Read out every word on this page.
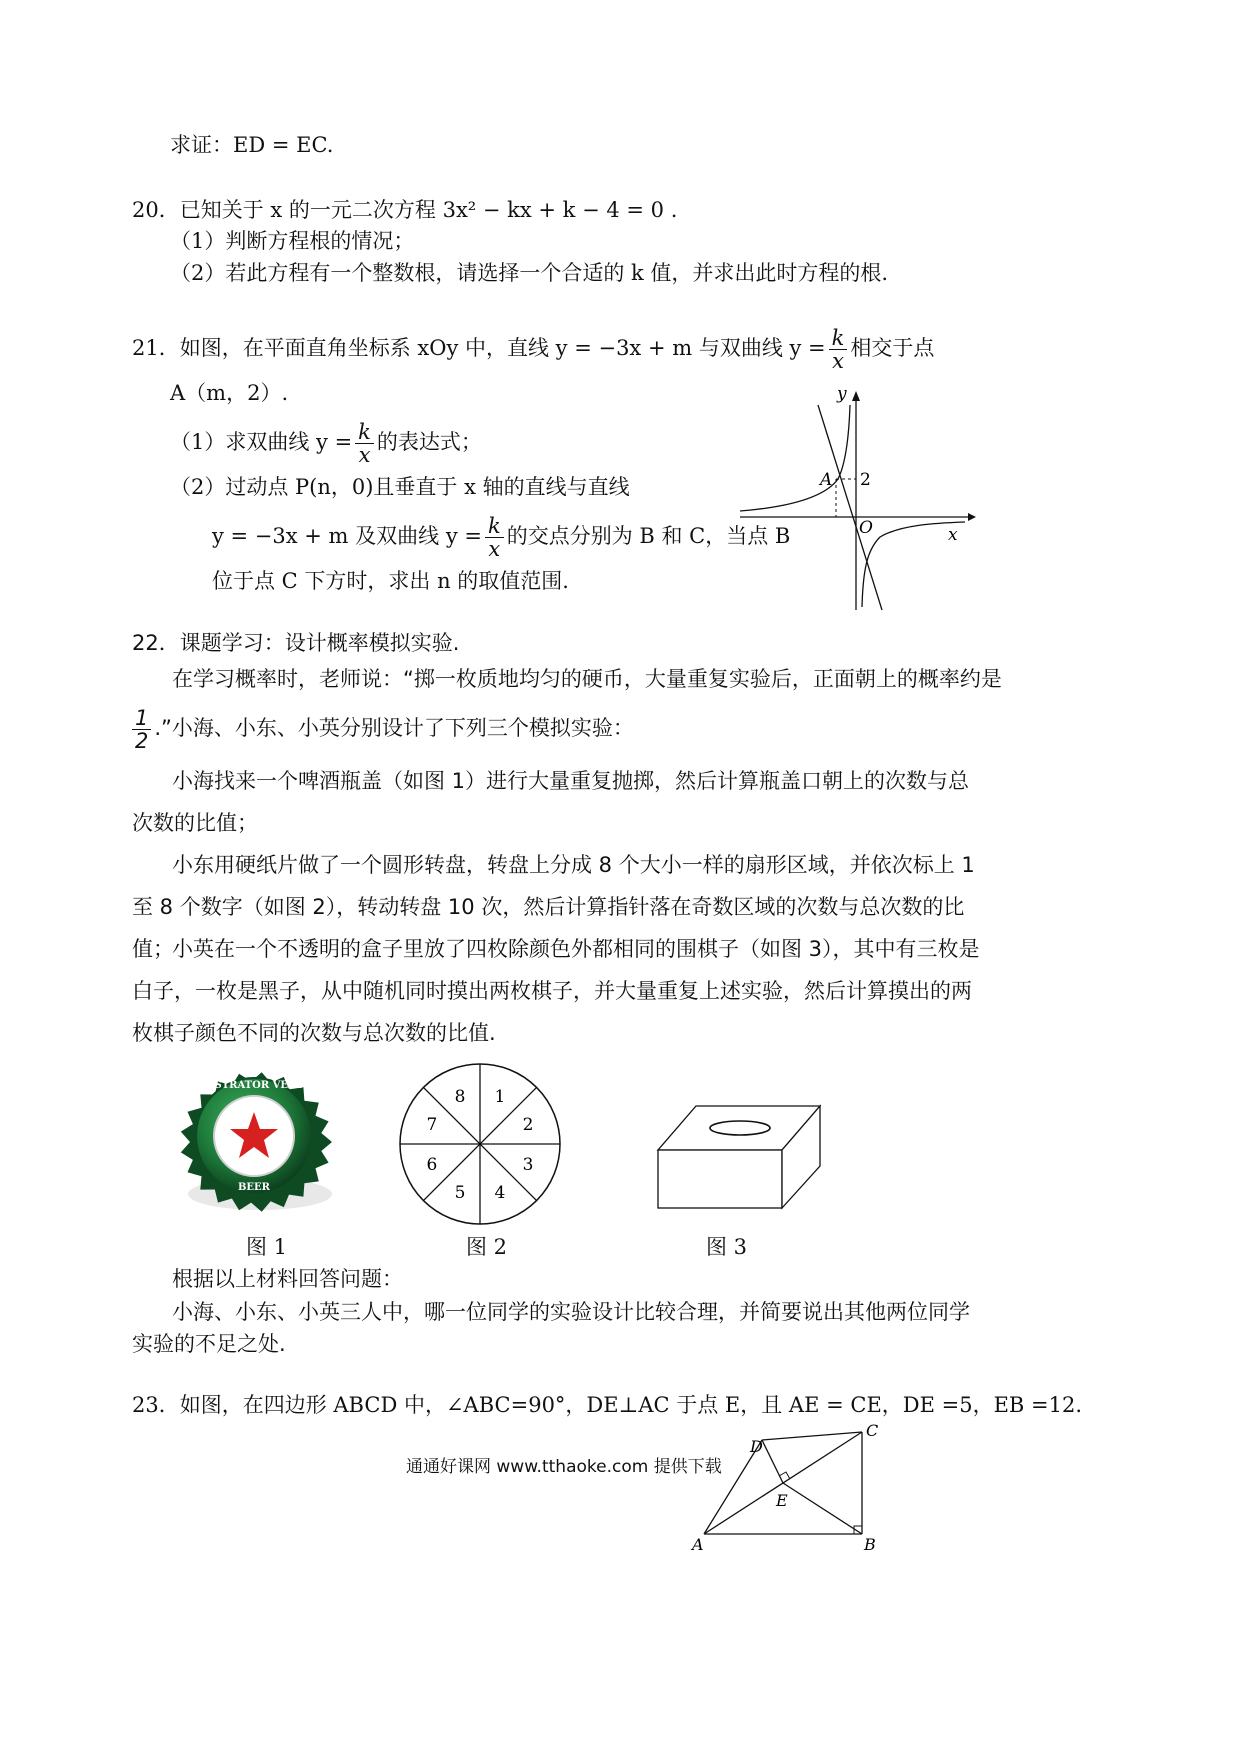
求证：ED = EC.
20．已知关于 x 的一元二次方程 3x² − kx + k − 4 = 0 .
（1）判断方程根的情况；
（2）若此方程有一个整数根，请选择一个合适的 k 值，并求出此时方程的根.
21．如图，在平面直角坐标系 xOy 中，直线 y = −3x + m 与双曲线 $y = \frac{k}{x}$ 相交于点
A（m，2）.
（1）求双曲线 $y = \frac{k}{x}$ 的表达式；
（2）过动点 P(n，0)且垂直于 x 轴的直线与直线
y = −3x + m 及双曲线 $y = \frac{k}{x}$ 的交点分别为 B 和 C，当点 B
位于点 C 下方时，求出 n 的取值范围.
y
x
O
A 2
22．课题学习：设计概率模拟实验.
在学习概率时，老师说：“掷一枚质地均匀的硬币，大量重复实验后，正面朝上的概率约是
$\frac{1}{2}$ .”小海、小东、小英分别设计了下列三个模拟实验：
小海找来一个啤酒瓶盖（如图 1）进行大量重复抛掷，然后计算瓶盖口朝上的次数与总次数的比值；
小东用硬纸片做了一个圆形转盘，转盘上分成 8 个大小一样的扇形区域，并依次标上 1 至 8 个数字（如图 2），转动转盘 10 次，然后计算指针落在奇数区域的次数与总次数的比值；
小英在一个不透明的盒子里放了四枚除颜色外都相同的围棋子（如图 3），其中有三枚是白子，一枚是黑子，从中随机同时摸出两枚棋子，并大量重复上述实验，然后计算摸出的两枚棋子颜色不同的次数与总次数的比值.
ILLUSTRATOR VECTOR
BEER
图 1
1
2
3
4
5
6
7
8
图 2	图 3
根据以上材料回答问题：
小海、小东、小英三人中，哪一位同学的实验设计比较合理，并简要说出其他两位同学实验的不足之处.
23．如图，在四边形 ABCD 中，∠ABC=90°，DE⊥AC 于点 E，且 AE = CE，DE =5，EB =12.
A	B
C
D
E
通通好课网 www.tthaoke.com 提供下载
